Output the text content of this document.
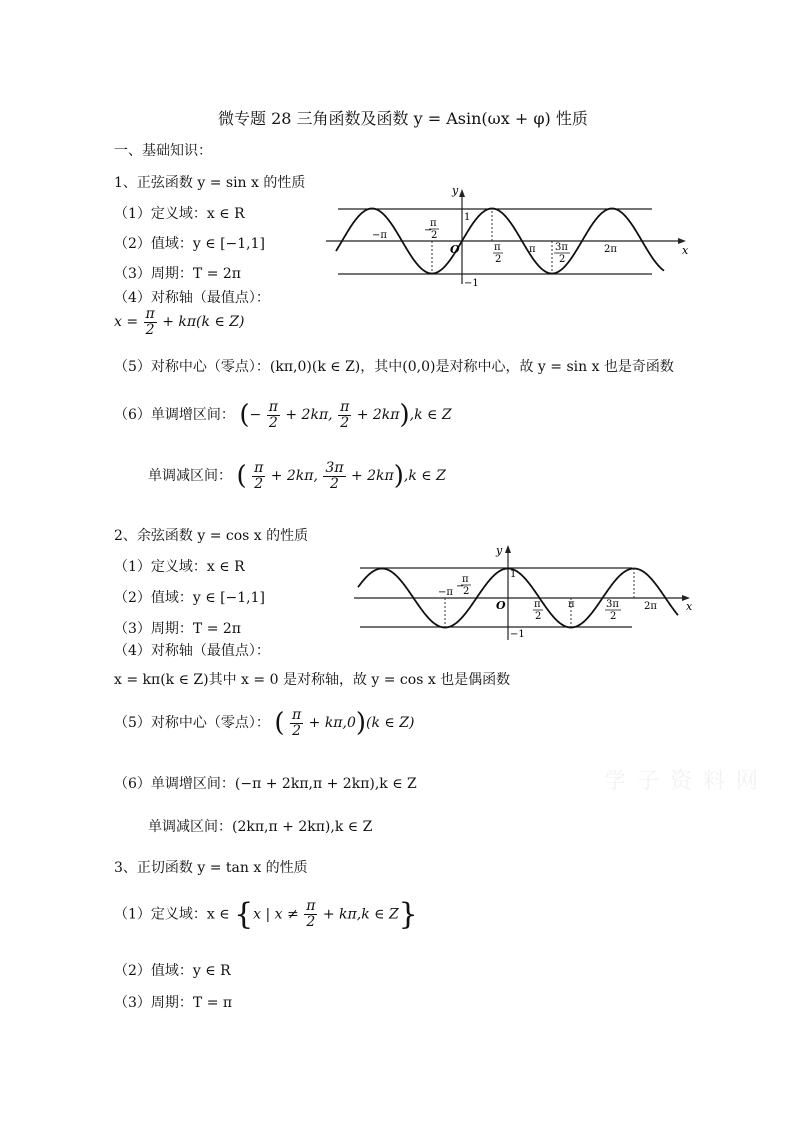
微专题 28 三角函数及函数 y = Asin(ωx + φ) 性质
一、基础知识：
1、正弦函数 y = sin x 的性质
（1）定义域：x ∈ R
（2）值域：y ∈ [−1,1]
（3）周期：T = 2π
（4）对称轴（最值点）：
$x = \frac{\pi}{2} + k\pi(k$ ∈ Z)
（5）对称中心（零点）：(kπ,0)(k ∈ Z)，其中(0,0)是对称中心，故 y = sin x 也是奇函数
（6）单调增区间： (− $\frac{\pi}{2} + 2k\pi$, $\frac{\pi}{2} + 2k\pi),k$ ∈ Z
单调减区间： ( $\frac{\pi}{2} + 2k\pi$, $\frac{3\pi}{2} + 2k\pi),k$ ∈ Z
y
x
1
−1
O
−π	−
π
2
π
2
π 3π
2
2π
2、余弦函数 y = cos x 的性质
（1）定义域：x ∈ R
（2）值域：y ∈ [−1,1]
（3）周期：T = 2π
（4）对称轴（最值点）：
x = kπ(k ∈ Z)其中 x = 0 是对称轴，故 y = cos x 也是偶函数
（5）对称中心（零点）： ( $\frac{\pi}{2} + k\pi,0)(k$ ∈ Z)
（6）单调增区间：(−π + 2kπ,π + 2kπ),k ∈ Z
单调减区间：(2kπ,π + 2kπ),k ∈ Z
y
x
1
−1
O
−π
−
π
2
π
2
π	3π
2
2π
3、正切函数 y = tan x 的性质
（1）定义域：x ∈ {x | $x \ne \frac{\pi}{2} + k\pi,k$ ∈ Z}
（2）值域：y ∈ R
（3）周期：T = π
学 子 资 料 网
